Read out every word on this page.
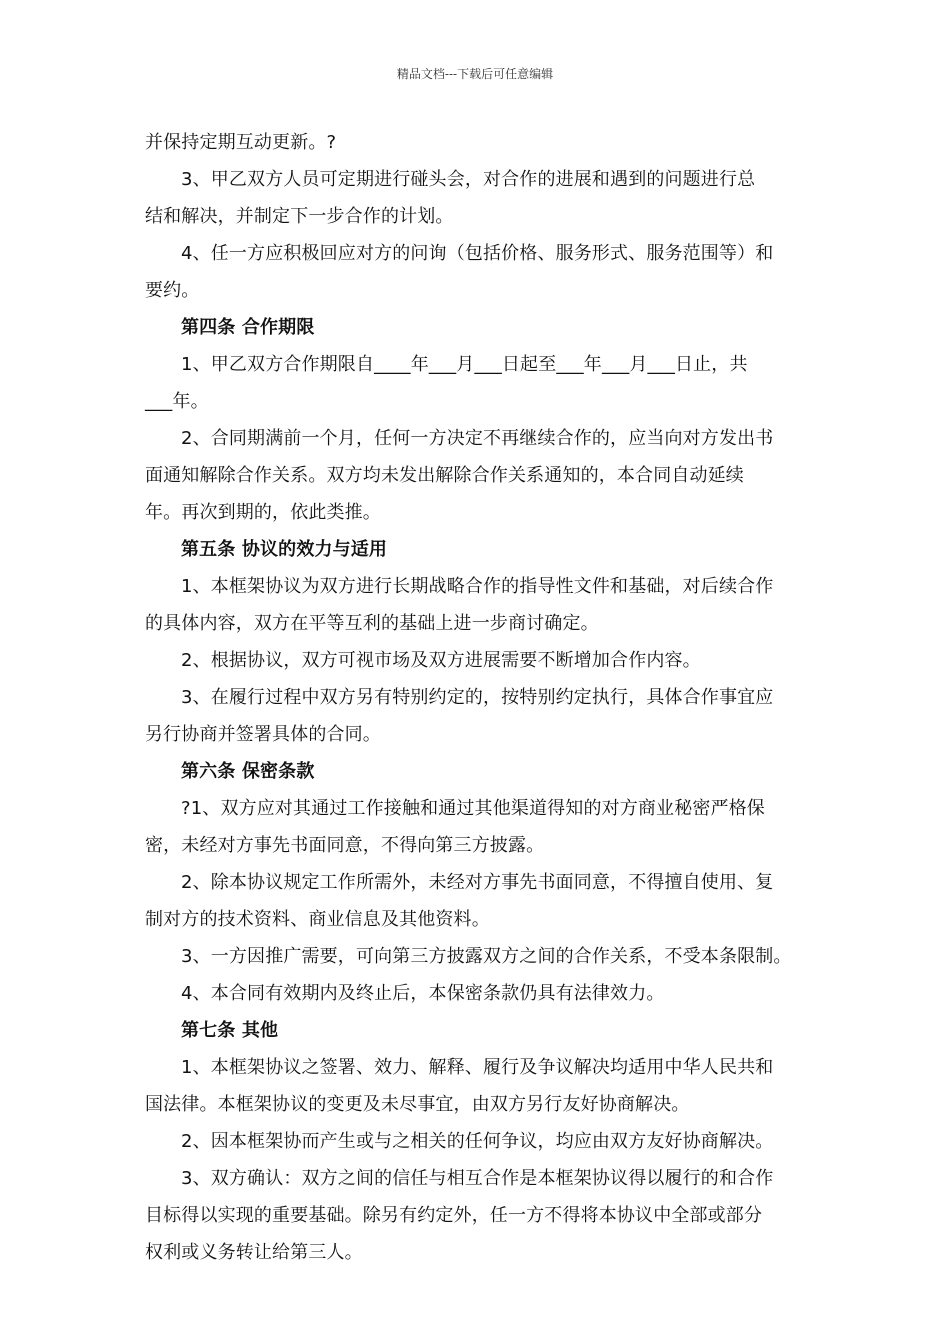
精品文档---下载后可任意编辑
并保持定期互动更新。?
3、甲乙双方人员可定期进行碰头会，对合作的进展和遇到的问题进行总
结和解决，并制定下一步合作的计划。
4、任一方应积极回应对方的问询（包括价格、服务形式、服务范围等）和
要约。
第四条 合作期限
1、甲乙双方合作期限自____年___月___日起至___年___月___日止，共
___年。
2、合同期满前一个月，任何一方决定不再继续合作的，应当向对方发出书
面通知解除合作关系。双方均未发出解除合作关系通知的，本合同自动延续
年。再次到期的，依此类推。
第五条 协议的效力与适用
1、本框架协议为双方进行长期战略合作的指导性文件和基础，对后续合作
的具体内容，双方在平等互利的基础上进一步商讨确定。
2、根据协议，双方可视市场及双方进展需要不断增加合作内容。
3、在履行过程中双方另有特别约定的，按特别约定执行，具体合作事宜应
另行协商并签署具体的合同。
第六条 保密条款
?1、双方应对其通过工作接触和通过其他渠道得知的对方商业秘密严格保
密，未经对方事先书面同意，不得向第三方披露。
2、除本协议规定工作所需外，未经对方事先书面同意，不得擅自使用、复
制对方的技术资料、商业信息及其他资料。
3、一方因推广需要，可向第三方披露双方之间的合作关系，不受本条限制。
4、本合同有效期内及终止后，本保密条款仍具有法律效力。
第七条 其他
1、本框架协议之签署、效力、解释、履行及争议解决均适用中华人民共和
国法律。本框架协议的变更及未尽事宜，由双方另行友好协商解决。
2、因本框架协而产生或与之相关的任何争议，均应由双方友好协商解决。
3、双方确认：双方之间的信任与相互合作是本框架协议得以履行的和合作
目标得以实现的重要基础。除另有约定外，任一方不得将本协议中全部或部分
权利或义务转让给第三人。
